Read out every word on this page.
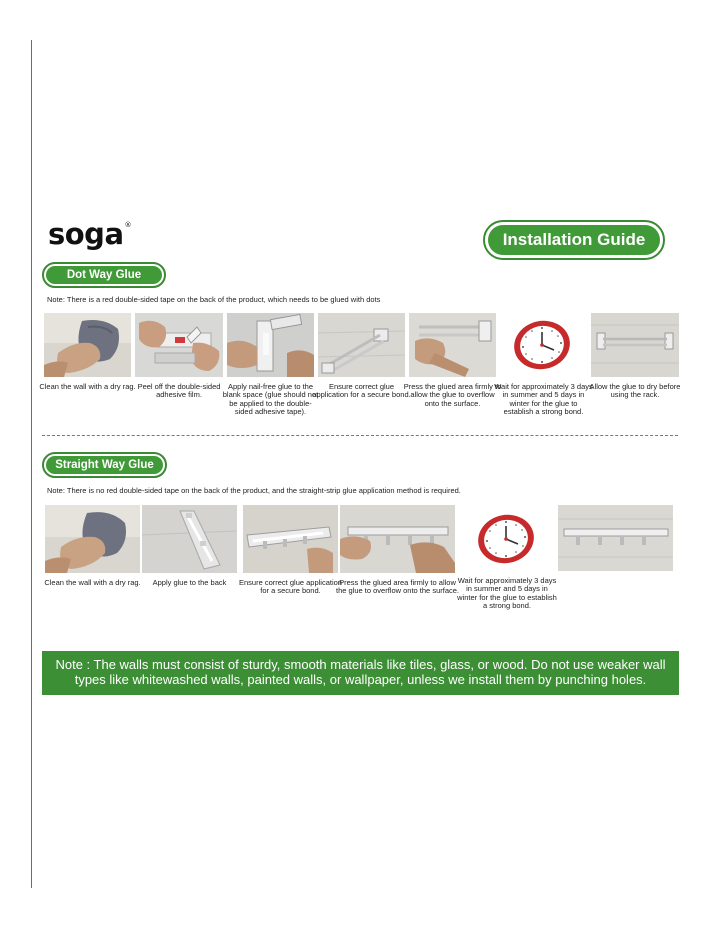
soga®
Installation Guide
Dot Way Glue
Note: There is a red double-sided tape on the back of the product, which needs to be glued with dots
Clean the wall with a dry rag. Peel off the double-sided adhesive film.
Apply nail-free glue to the blank space (glue should not be applied to the double-sided adhesive tape).
Ensure correct glue application for a secure bond.
Press the glued area firmly to allow the glue to overflow onto the surface.
Wait for approximately 3 days in summer and 5 days in winter for the glue to establish a strong bond.
Allow the glue to dry before using the rack.
Straight Way Glue
Note: There is no red double-sided tape on the back of the product, and the straight-strip glue application method is required.
Clean the wall with a dry rag.	Apply glue to the back	Ensure correct glue application for a secure bond.
Press the glued area firmly to allow the glue to overflow onto the surface.
Wait for approximately 3 days in summer and 5 days in winter for the glue to establish a strong bond.
Note : The walls must consist of sturdy, smooth materials like tiles, glass, or wood. Do not use weaker wall types like whitewashed walls, painted walls, or wallpaper, unless we install them by punching holes.
